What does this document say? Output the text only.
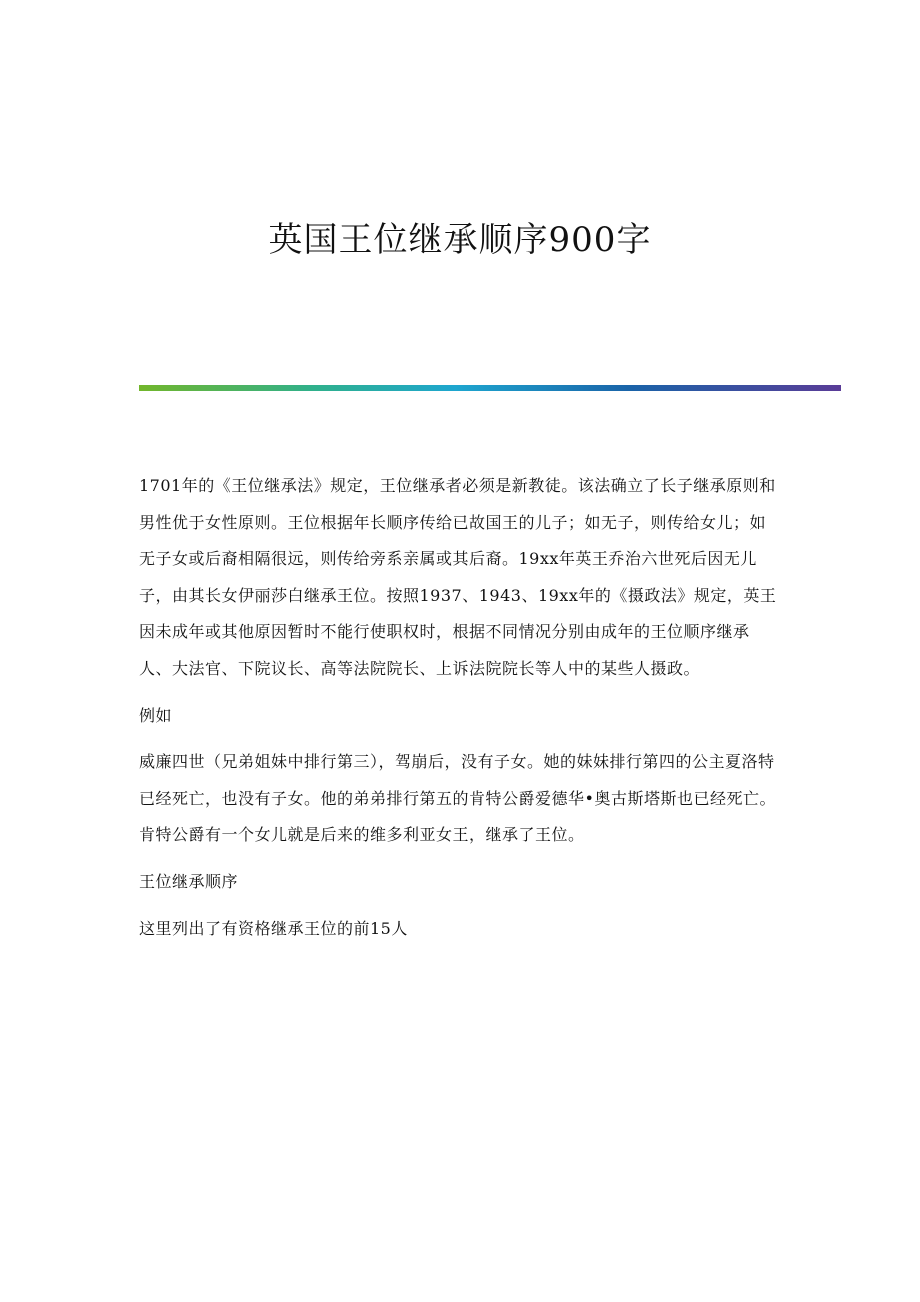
英国王位继承顺序900字

1701年的《王位继承法》规定，王位继承者必须是新教徒。该法确立了长子继承原则和男性优于女性原则。王位根据年长顺序传给已故国王的儿子；如无子，则传给女儿；如无子女或后裔相隔很远，则传给旁系亲属或其后裔。19xx年英王乔治六世死后因无儿子，由其长女伊丽莎白继承王位。按照1937、1943、19xx年的《摄政法》规定，英王因未成年或其他原因暂时不能行使职权时，根据不同情况分别由成年的王位顺序继承人、大法官、下院议长、高等法院院长、上诉法院院长等人中的某些人摄政。

例如

威廉四世（兄弟姐妹中排行第三），驾崩后，没有子女。她的妹妹排行第四的公主夏洛特已经死亡，也没有子女。他的弟弟排行第五的肯特公爵爱德华•奥古斯塔斯也已经死亡。肯特公爵有一个女儿就是后来的维多利亚女王，继承了王位。

王位继承顺序

这里列出了有资格继承王位的前15人
